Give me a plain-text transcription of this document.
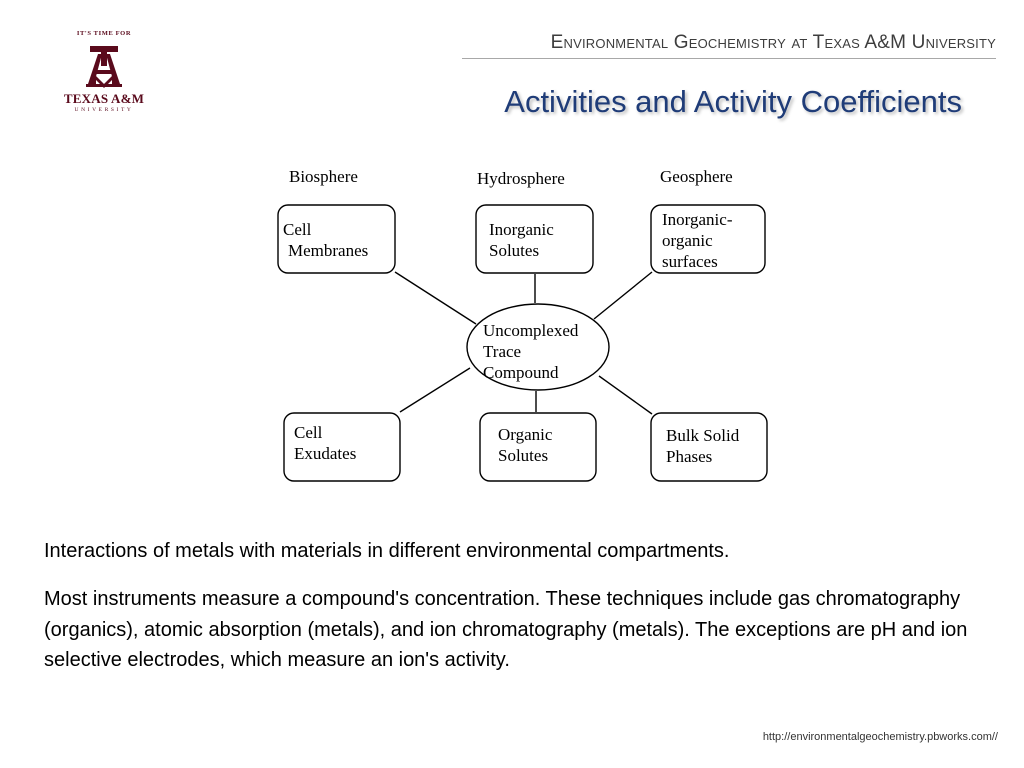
IT'S TIME FOR
TEXAS A&M
UNIVERSITY
Environmental Geochemistry at Texas A&M University
Activities and Activity Coefficients
Biosphere	Hydrosphere	Geosphere
Cell
Membranes
Inorganic
Solutes
Inorganic-
organic
surfaces
Uncomplexed
Trace
Compound
Cell
Exudates
Organic
Solutes
Bulk Solid
Phases
Interactions of metals with materials in different environmental compartments.
Most instruments measure a compound's concentration. These techniques include gas chromatography (organics), atomic absorption (metals), and ion chromatography (metals). The exceptions are pH and ion selective electrodes, which measure an ion's activity.
http://environmentalgeochemistry.pbworks.com//
